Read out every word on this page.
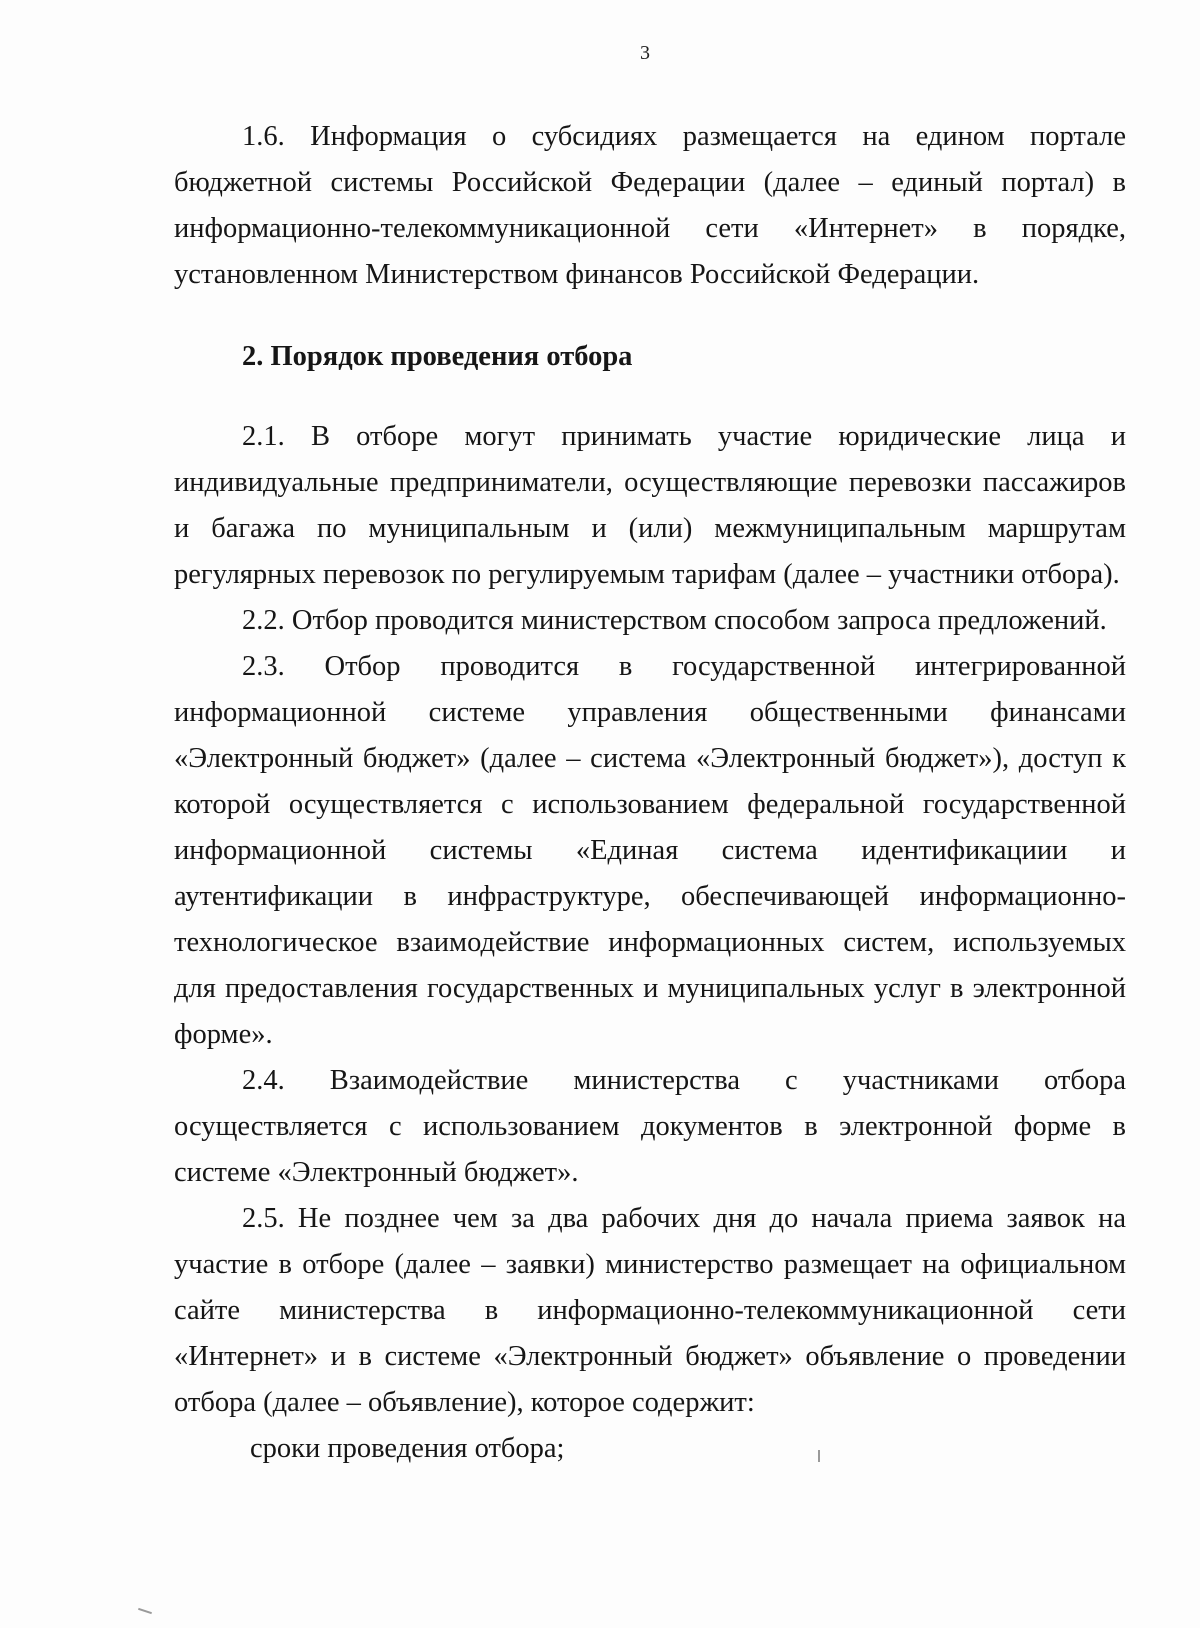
3

1.6. Информация о субсидиях размещается на едином портале бюджетной системы Российской Федерации (далее – единый портал) в информационно-телекоммуникационной сети «Интернет» в порядке, установленном Министерством финансов Российской Федерации.

2. Порядок проведения отбора

2.1. В отборе могут принимать участие юридические лица и индивидуальные предприниматели, осуществляющие перевозки пассажиров и багажа по муниципальным и (или) межмуниципальным маршрутам регулярных перевозок по регулируемым тарифам (далее – участники отбора).

2.2. Отбор проводится министерством способом запроса предложений.

2.3. Отбор проводится в государственной интегрированной информационной системе управления общественными финансами «Электронный бюджет» (далее – система «Электронный бюджет»), доступ к которой осуществляется с использованием федеральной государственной информационной системы «Единая система идентификациии и аутентификации в инфраструктуре, обеспечивающей информационно-технологическое взаимодействие информационных систем, используемых для предоставления государственных и муниципальных услуг в электронной форме».

2.4. Взаимодействие министерства с участниками отбора осуществляется с использованием документов в электронной форме в системе «Электронный бюджет».

2.5. Не позднее чем за два рабочих дня до начала приема заявок на участие в отборе (далее – заявки) министерство размещает на официальном сайте министерства в информационно-телекоммуникационной сети «Интернет» и в системе «Электронный бюджет» объявление о проведении отбора (далее – объявление), которое содержит:

сроки проведения отбора;
